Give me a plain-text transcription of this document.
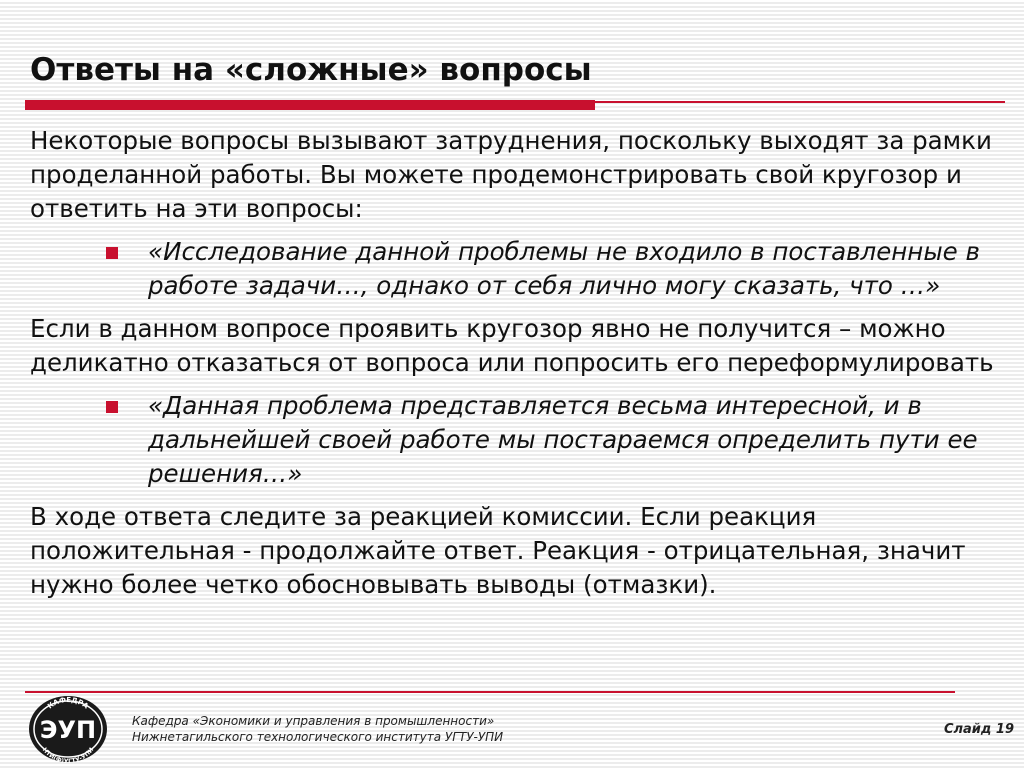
Ответы на «сложные» вопросы

Некоторые вопросы вызывают затруднения, поскольку выходят за рамки проделанной работы. Вы можете продемонстрировать свой кругозор и ответить на эти вопросы:

«Исследование данной проблемы не входило в поставленные в работе задачи…, однако от себя лично могу сказать, что …»

Если в данном вопросе проявить кругозор явно не получится – можно деликатно отказаться от вопроса или попросить его переформулировать

«Данная проблема представляется весьма интересной, и в дальнейшей своей работе мы постараемся определить пути ее решения…»

В ходе ответа следите за реакцией комиссии. Если реакция положительная - продолжайте ответ. Реакция - отрицательная, значит нужно более четко обосновывать выводы (отмазки).

КАФЕДРА
ЭУП
НТИ(Ф)УГТУ-УПИ
Кафедра «Экономики и управления в промышленности»
Нижнетагильского технологического института УГТУ-УПИ	Слайд 19
